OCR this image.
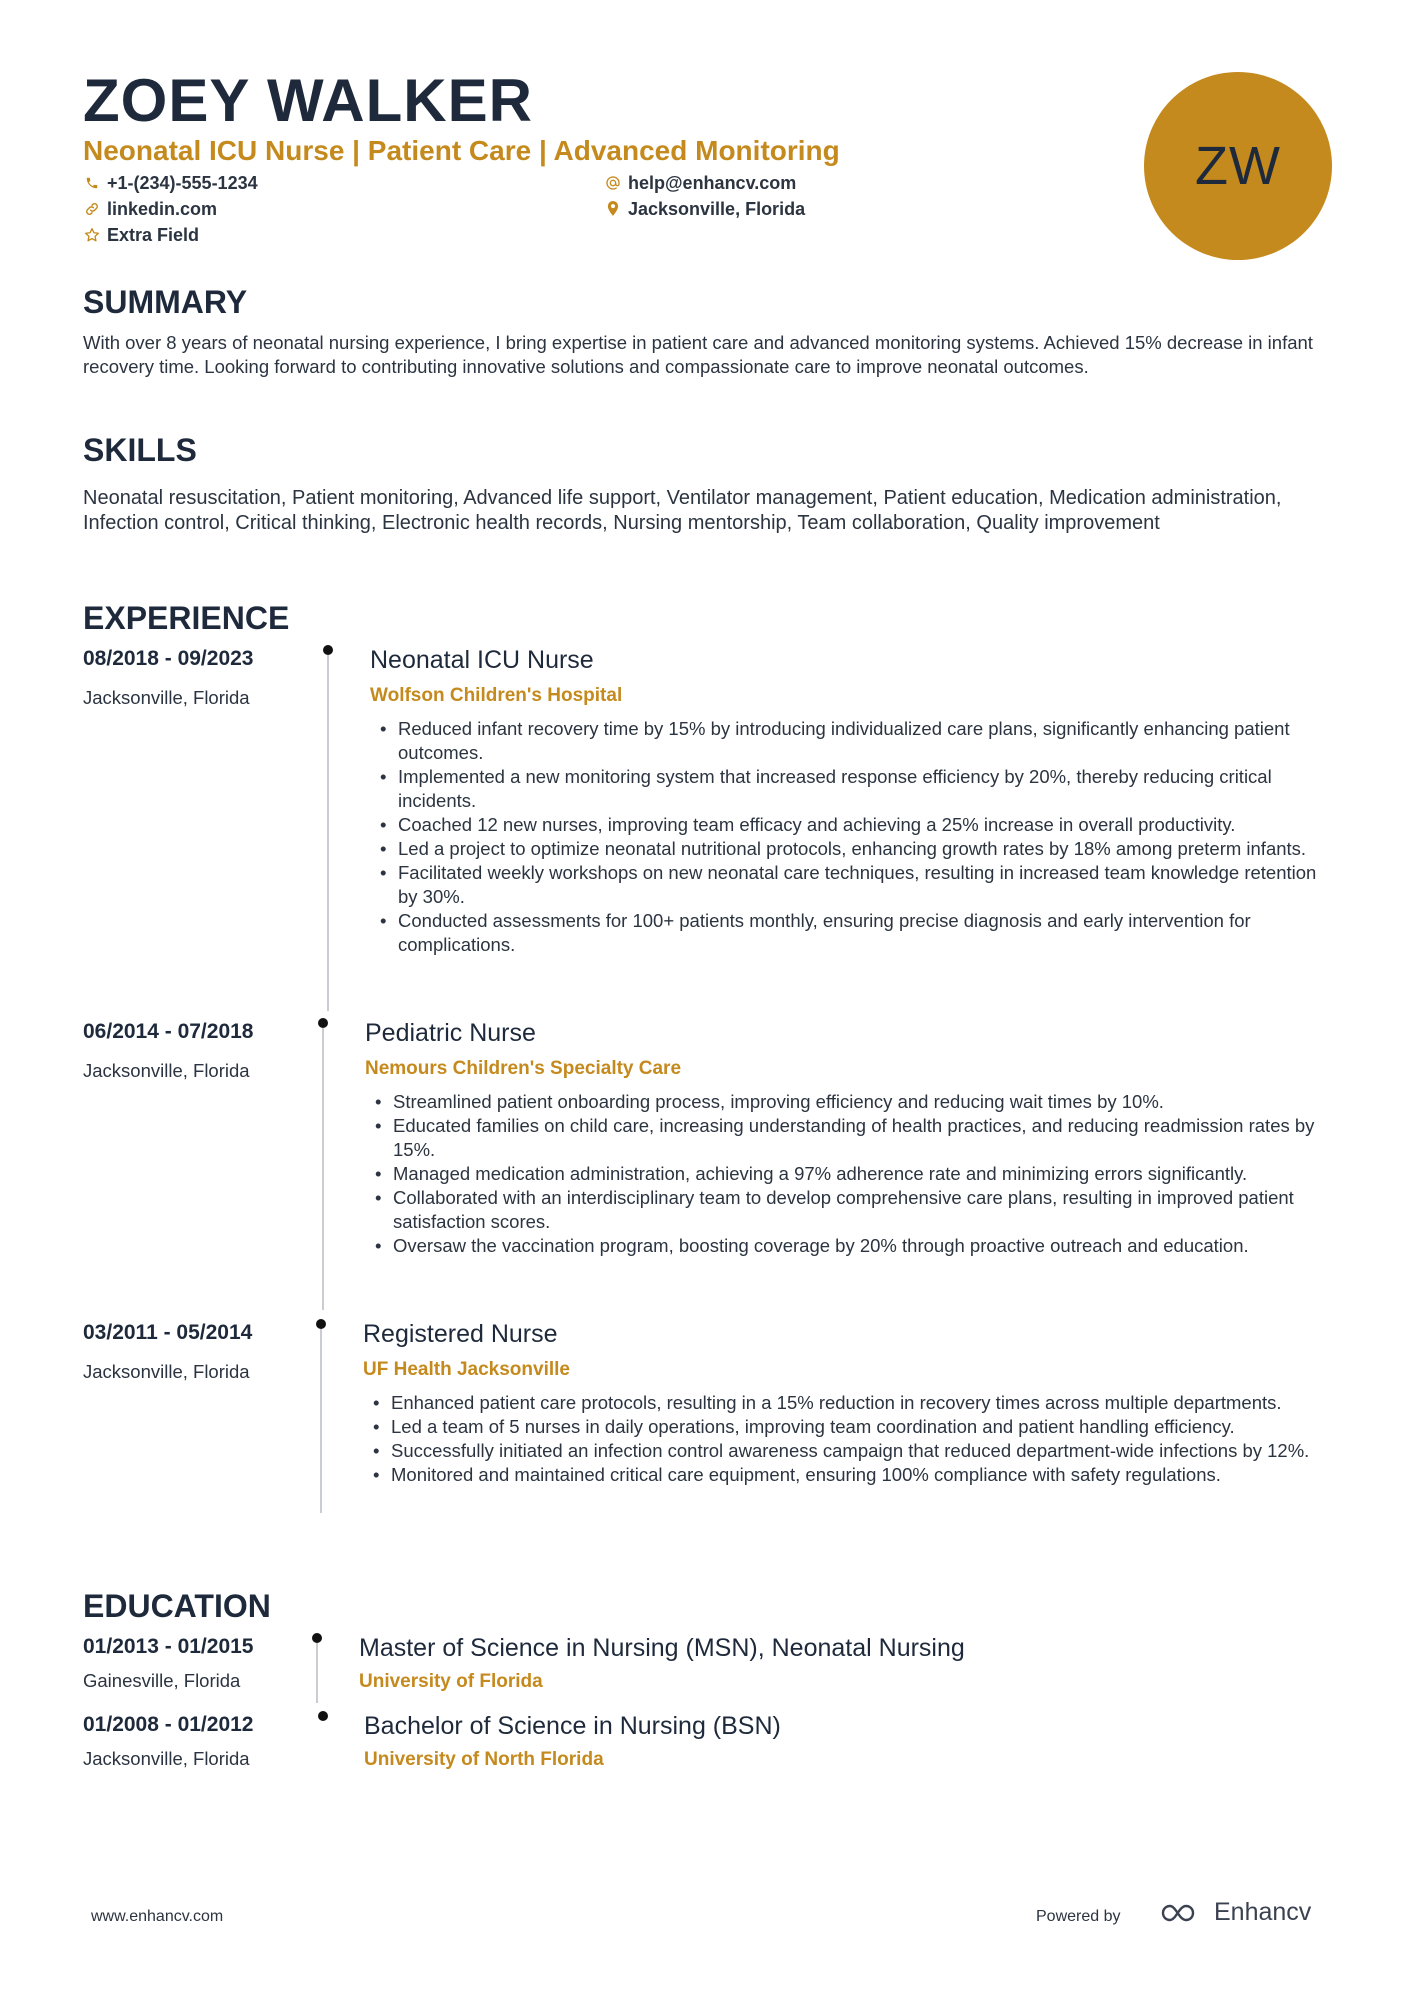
ZOEY WALKER
Neonatal ICU Nurse | Patient Care | Advanced Monitoring
+1-(234)-555-1234	help@enhancv.com
linkedin.com	Jacksonville, Florida
Extra Field
ZW
SUMMARY

With over 8 years of neonatal nursing experience, I bring expertise in patient care and advanced monitoring systems. Achieved 15% decrease in infant recovery time. Looking forward to contributing innovative solutions and compassionate care to improve neonatal outcomes.

SKILLS

Neonatal resuscitation, Patient monitoring, Advanced life support, Ventilator management, Patient education, Medication administration, Infection control, Critical thinking, Electronic health records, Nursing mentorship, Team collaboration, Quality improvement

EXPERIENCE
08/2018 - 09/2023
Jacksonville, Florida
Neonatal ICU Nurse
Wolfson Children's Hospital
• Reduced infant recovery time by 15% by introducing individualized care plans, significantly enhancing patient outcomes.
• Implemented a new monitoring system that increased response efficiency by 20%, thereby reducing critical incidents.
• Coached 12 new nurses, improving team efficacy and achieving a 25% increase in overall productivity.
• Led a project to optimize neonatal nutritional protocols, enhancing growth rates by 18% among preterm infants.
• Facilitated weekly workshops on new neonatal care techniques, resulting in increased team knowledge retention by 30%.
• Conducted assessments for 100+ patients monthly, ensuring precise diagnosis and early intervention for complications.
06/2014 - 07/2018
Jacksonville, Florida
Pediatric Nurse
Nemours Children's Specialty Care
• Streamlined patient onboarding process, improving efficiency and reducing wait times by 10%.
• Educated families on child care, increasing understanding of health practices, and reducing readmission rates by 15%.
• Managed medication administration, achieving a 97% adherence rate and minimizing errors significantly.
• Collaborated with an interdisciplinary team to develop comprehensive care plans, resulting in improved patient satisfaction scores.
• Oversaw the vaccination program, boosting coverage by 20% through proactive outreach and education.
03/2011 - 05/2014
Jacksonville, Florida
Registered Nurse
UF Health Jacksonville
• Enhanced patient care protocols, resulting in a 15% reduction in recovery times across multiple departments.
• Led a team of 5 nurses in daily operations, improving team coordination and patient handling efficiency.
• Successfully initiated an infection control awareness campaign that reduced department-wide infections by 12%.
• Monitored and maintained critical care equipment, ensuring 100% compliance with safety regulations.
EDUCATION
01/2013 - 01/2015
Gainesville, Florida
Master of Science in Nursing (MSN), Neonatal Nursing
University of Florida
01/2008 - 01/2012
Jacksonville, Florida
Bachelor of Science in Nursing (BSN)
University of North Florida
www.enhancv.com	Powered by	Enhancv
